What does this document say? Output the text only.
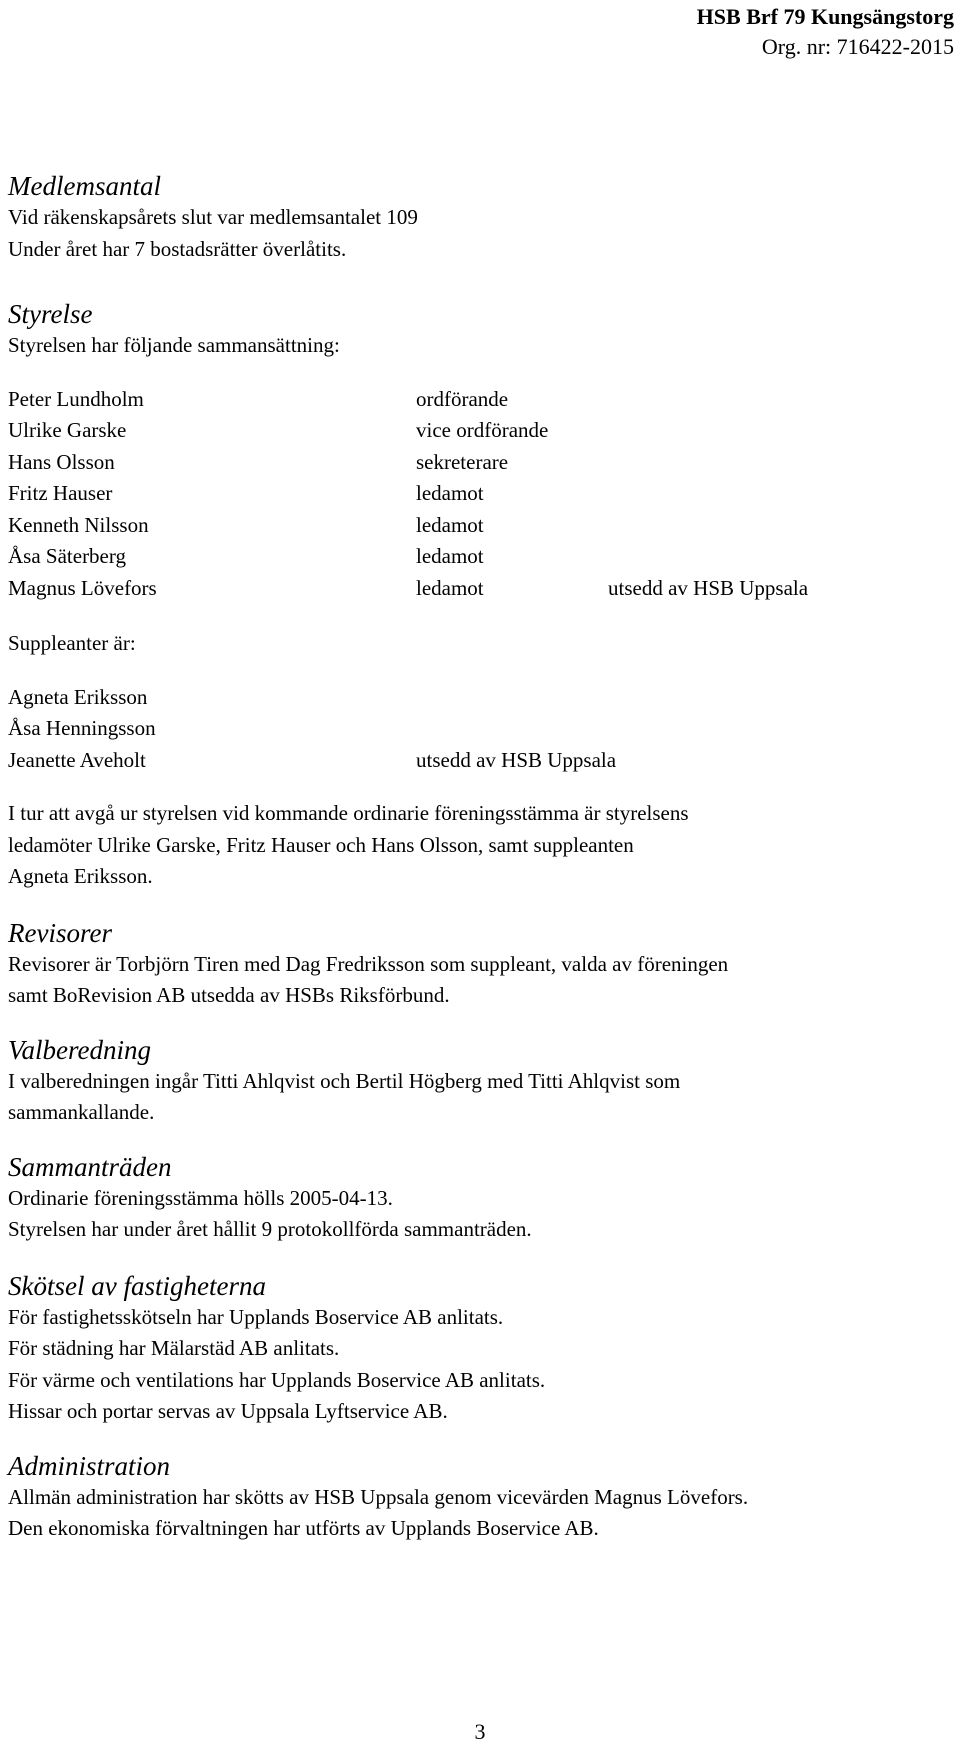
HSB Brf 79 Kungsängstorg
Org. nr: 716422-2015
Medlemsantal
Vid räkenskapsårets slut var medlemsantalet 109
Under året har 7 bostadsrätter överlåtits.
Styrelse
Styrelsen har följande sammansättning:
Peter Lundholm	ordförande
Ulrike Garske	vice ordförande
Hans Olsson	sekreterare
Fritz Hauser	ledamot
Kenneth Nilsson	ledamot
Åsa Säterberg	ledamot
Magnus Lövefors	ledamot	utsedd av HSB Uppsala
Suppleanter är:
Agneta Eriksson
Åsa Henningsson
Jeanette Aveholt	utsedd av HSB Uppsala
I tur att avgå ur styrelsen vid kommande ordinarie föreningsstämma är styrelsens
ledamöter Ulrike Garske, Fritz Hauser och Hans Olsson, samt suppleanten
Agneta Eriksson.
Revisorer
Revisorer är Torbjörn Tiren med Dag Fredriksson som suppleant, valda av föreningen
samt BoRevision AB utsedda av HSBs Riksförbund.
Valberedning
I valberedningen ingår Titti Ahlqvist och Bertil Högberg med Titti Ahlqvist som
sammankallande.
Sammanträden
Ordinarie föreningsstämma hölls 2005-04-13.
Styrelsen har under året hållit 9 protokollförda sammanträden.
Skötsel av fastigheterna
För fastighetsskötseln har Upplands Boservice AB anlitats.
För städning har Mälarstäd AB anlitats.
För värme och ventilations har Upplands Boservice AB anlitats.
Hissar och portar servas av Uppsala Lyftservice AB.
Administration
Allmän administration har skötts av HSB Uppsala genom vicevärden Magnus Lövefors.
Den ekonomiska förvaltningen har utförts av Upplands Boservice AB.
3
